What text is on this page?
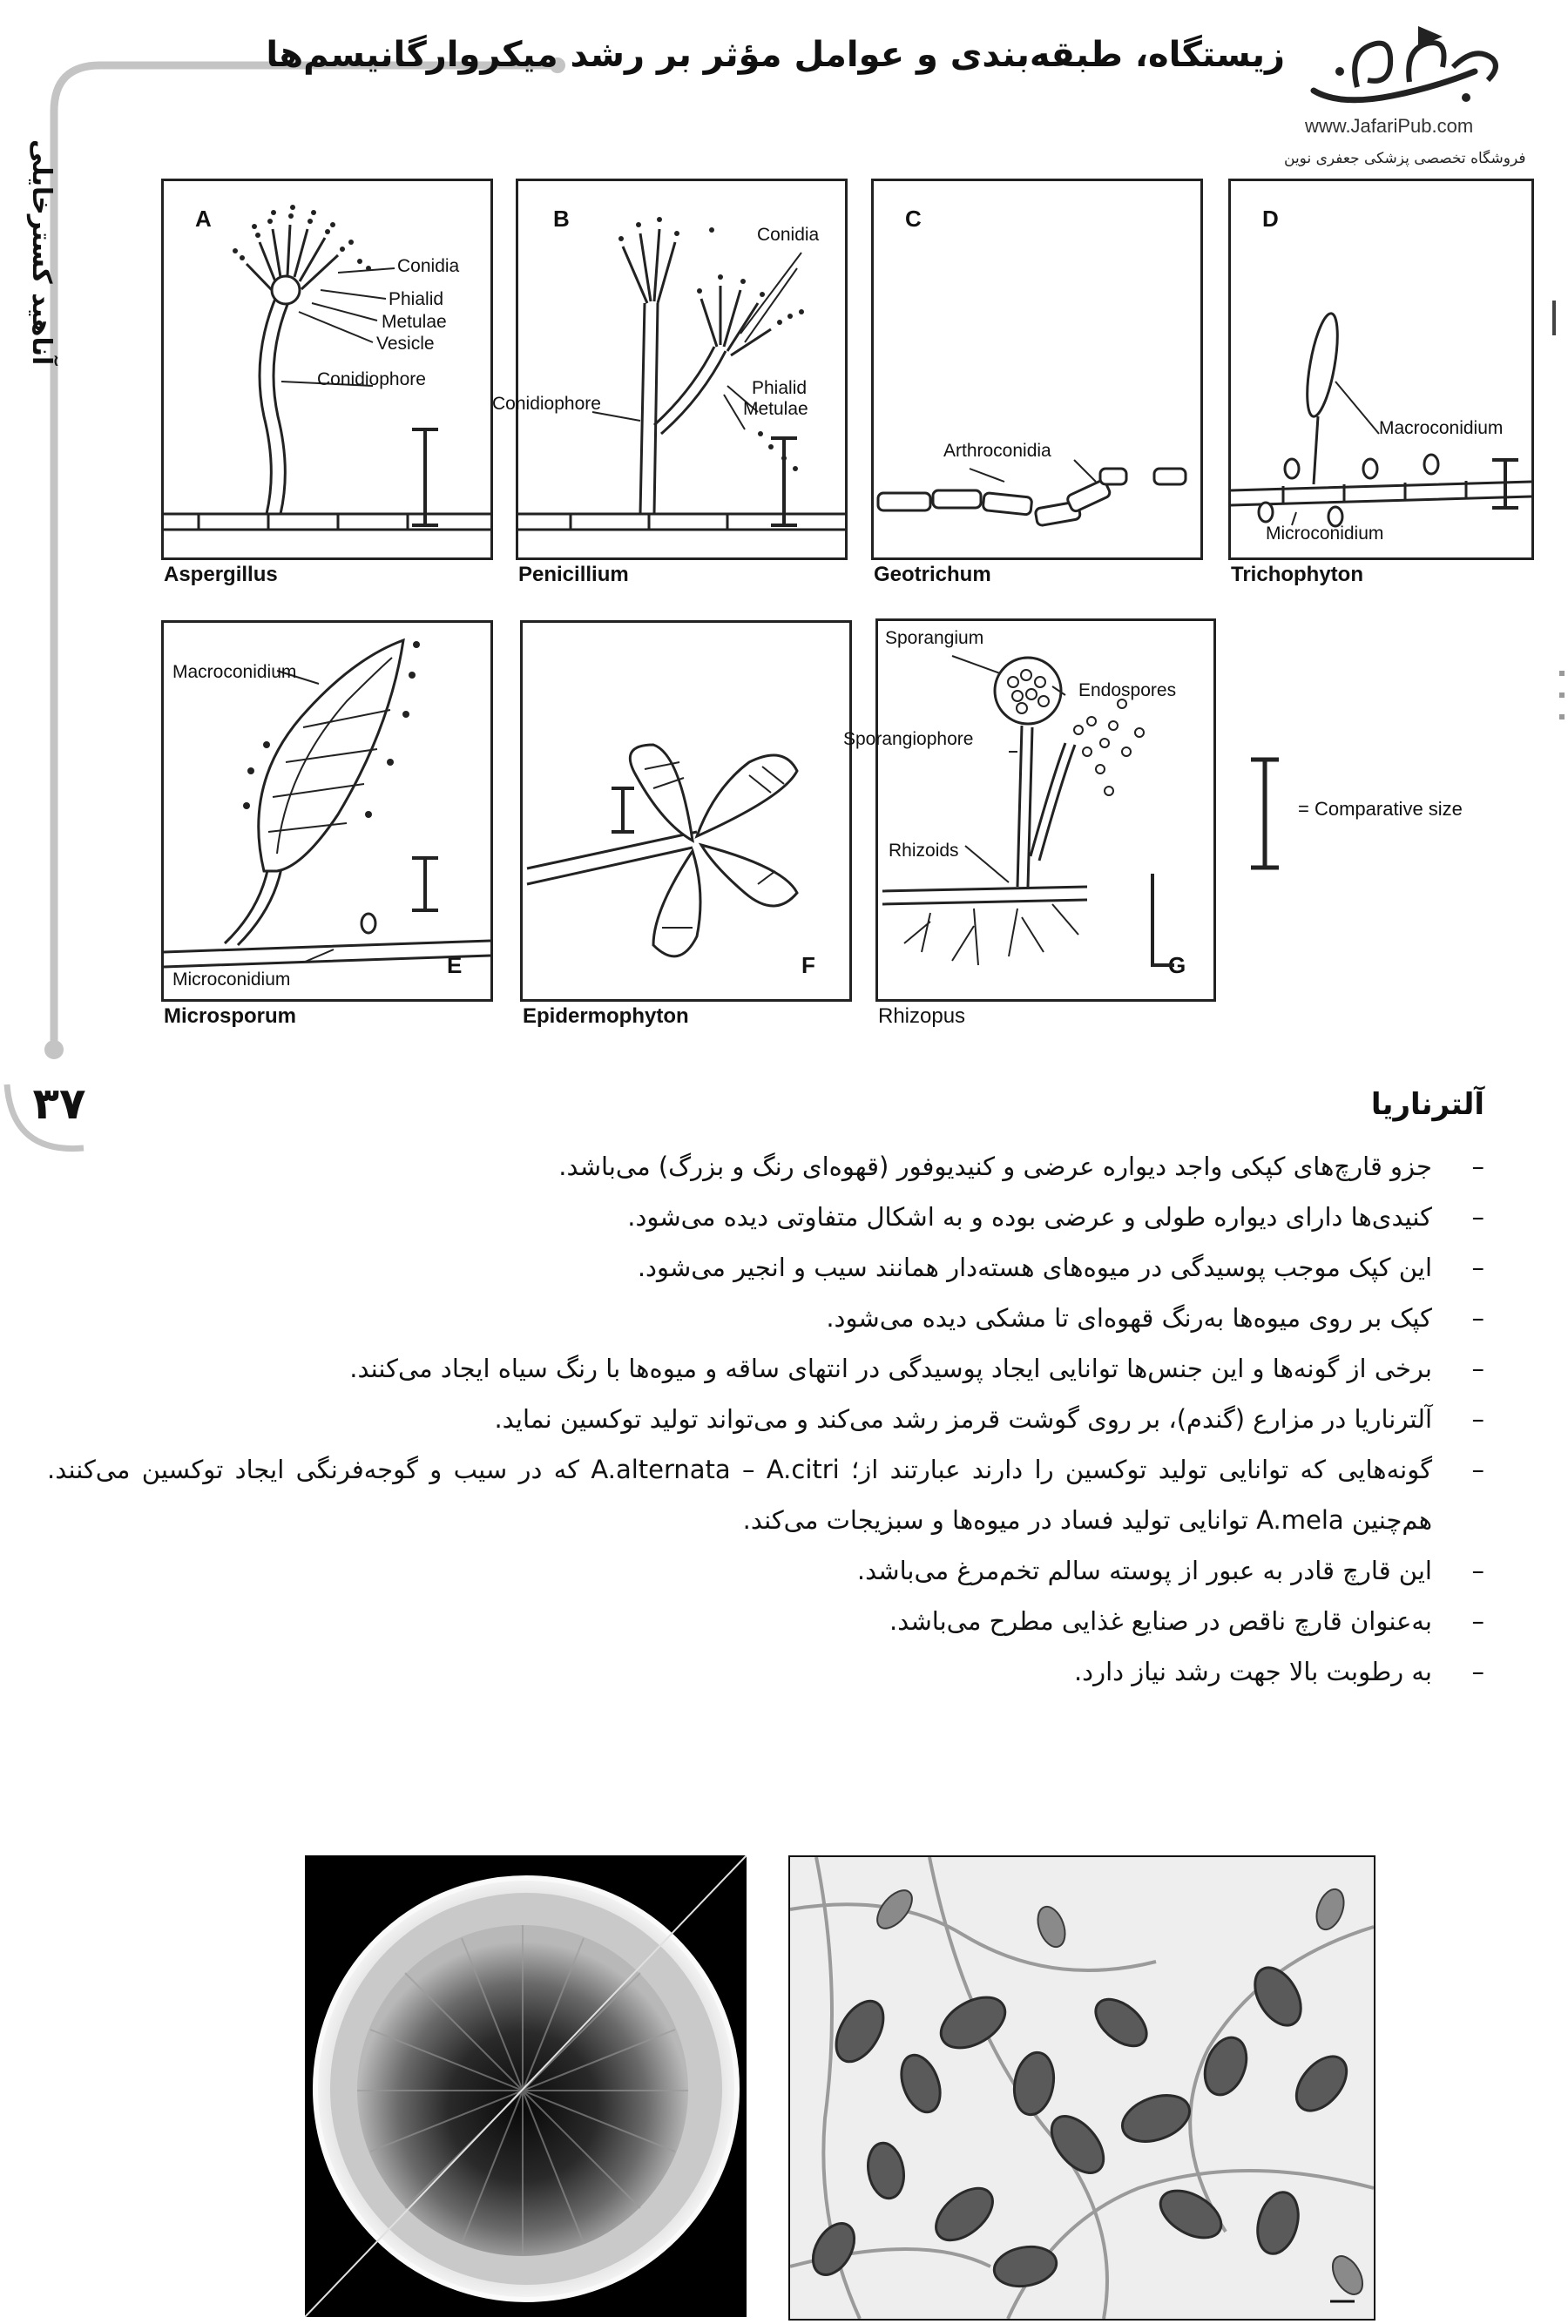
زیستگاه، طبقه‌بندی و عوامل مؤثر بر رشد میکروارگانیسم‌ها
www.JafariPub.com
فروشگاه تخصصی پزشکی جعفری نوین
آناهید کسترخایلی
۳۷
A
Conidia
Phialid
Metulae
Vesicle
Conidiophore
Aspergillus
B
Conidia
Conidiophore
Phialid
Metulae
Penicillium
C
Arthroconidia
Geotrichum
D
Macroconidium
Microconidium
Trichophyton
E
Macroconidium
Microconidium
Microsporum
F
Epidermophyton
G
Sporangium
Endospores
Sporangiophore
Rhizoids
Rhizopus
= Comparative size
آلترناریا
–
جزو قارچ‌های کپکی واجد دیواره عرضی و کنیدیوفور (قهوه‌ای رنگ و بزرگ) می‌باشد.
–
کنیدی‌ها دارای دیواره طولی و عرضی بوده و به اشکال متفاوتی دیده می‌شود.
–
این کپک موجب پوسیدگی در میوه‌های هسته‌دار همانند سیب و انجیر می‌شود.
–
کپک بر روی میوه‌ها به‌رنگ قهوه‌ای تا مشکی دیده می‌شود.
–
برخی از گونه‌ها و این جنس‌ها توانایی ایجاد پوسیدگی در انتهای ساقه و میوه‌ها با رنگ سیاه ایجاد می‌کنند.
–
آلترناریا در مزارع (گندم)، بر روی گوشت قرمز رشد می‌کند و می‌تواند تولید توکسین نماید.
–
گونه‌هایی که توانایی تولید توکسین را دارند عبارتند از؛ A.alternata – A.citri که در سیب و گوجه‌فرنگی ایجاد توکسین می‌کنند. هم‌چنین A.mela توانایی تولید فساد در میوه‌ها و سبزیجات می‌کند.
–
این قارچ قادر به عبور از پوسته سالم تخم‌مرغ می‌باشد.
–
به‌عنوان قارچ ناقص در صنایع غذایی مطرح می‌باشد.
–
به رطوبت بالا جهت رشد نیاز دارد.
